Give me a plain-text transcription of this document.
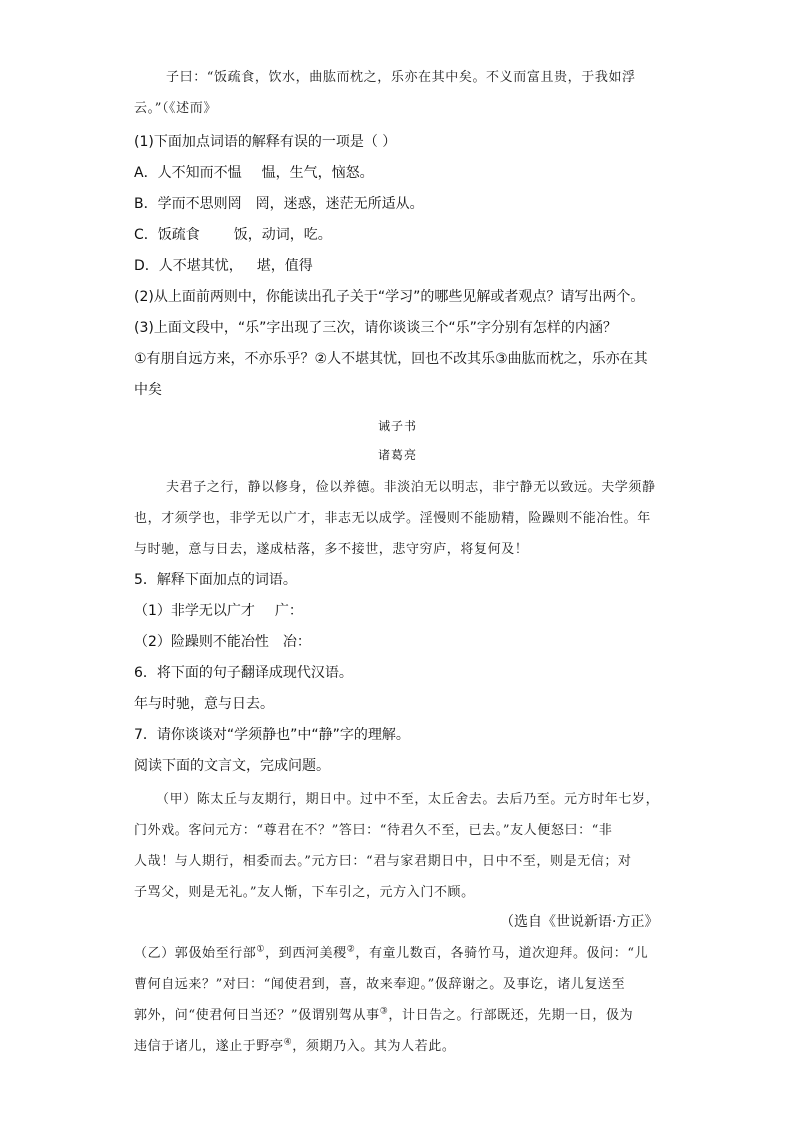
子曰：“饭疏食，饮水，曲肱而枕之，乐亦在其中矣。不义而富且贵，于我如浮
云。”（《述而》
(1)下面加点词语的解释有误的一项是（ ）
A．人不知而不愠 愠，生气，恼怒。
B．学而不思则罔 罔，迷惑，迷茫无所适从。
C．饭疏食 饭，动词，吃。
D．人不堪其忧， 堪，值得
(2)从上面前两则中，你能读出孔子关于“学习”的哪些见解或者观点？请写出两个。
(3)上面文段中，“乐”字出现了三次，请你谈谈三个“乐”字分别有怎样的内涵？
①有朋自远方来，不亦乐乎？②人不堪其忧，回也不改其乐③曲肱而枕之，乐亦在其
中矣
诫子书
诸葛亮
夫君子之行，静以修身，俭以养德。非淡泊无以明志，非宁静无以致远。夫学须静
也，才须学也，非学无以广才，非志无以成学。淫慢则不能励精，险躁则不能冶性。年
与时驰，意与日去，遂成枯落，多不接世，悲守穷庐，将复何及！
5．解释下面加点的词语。
（1）非学无以广才 广：
（2）险躁则不能冶性 冶：
6．将下面的句子翻译成现代汉语。
年与时驰，意与日去。
7．请你谈谈对“学须静也”中“静”字的理解。
阅读下面的文言文，完成问题。
（甲）陈太丘与友期行，期日中。过中不至，太丘舍去。去后乃至。元方时年七岁，
门外戏。客问元方：“尊君在不？”答曰：“待君久不至，已去。”友人便怒曰：“非
人哉！与人期行，相委而去。”元方曰：“君与家君期日中，日中不至，则是无信；对
子骂父，则是无礼。”友人惭，下车引之，元方入门不顾。
（选自《世说新语·方正》
（乙）郭伋始至行部①，到西河美稷②，有童儿数百，各骑竹马，道次迎拜。伋问：“儿
曹何自远来？”对曰：“闻使君到，喜，故来奉迎。”伋辞谢之。及事讫，诸儿复送至
郭外，问“使君何日当还？”伋谓别驾从事③，计日告之。行部既还，先期一日，伋为
违信于诸儿，遂止于野亭④，须期乃入。其为人若此。
